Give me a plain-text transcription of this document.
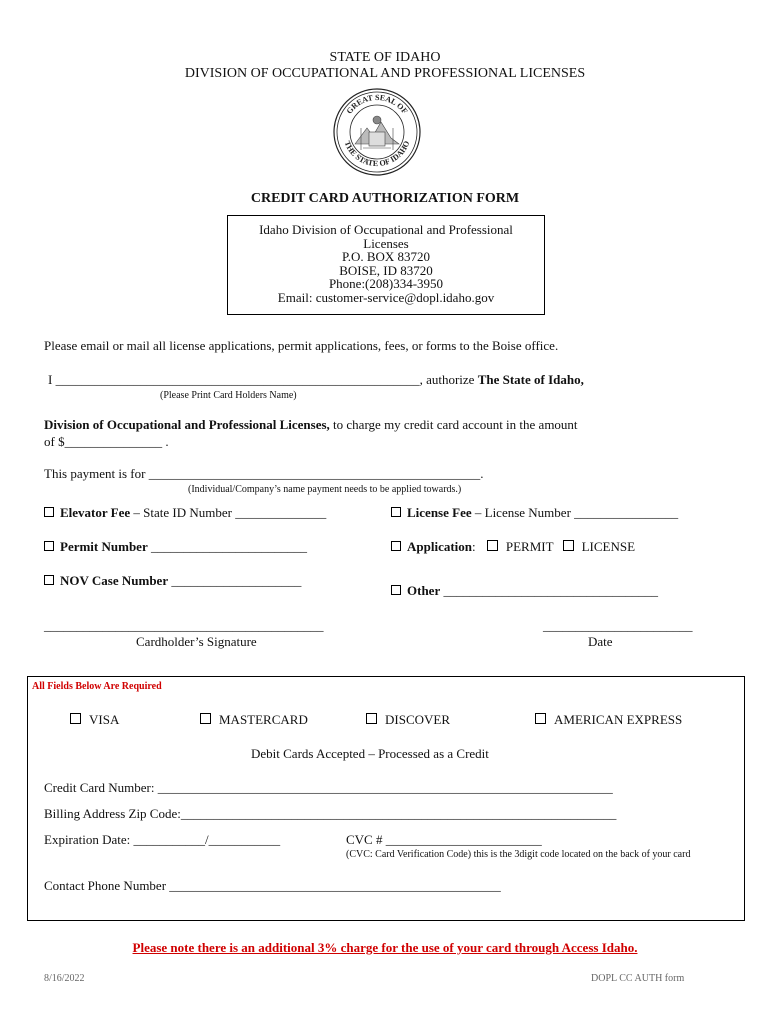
STATE OF IDAHO
DIVISION OF OCCUPATIONAL AND PROFESSIONAL LICENSES
GREAT SEAL OF
THE STATE OF IDAHO
CREDIT CARD AUTHORIZATION FORM
Idaho Division of Occupational and Professional
Licenses
P.O. BOX 83720
BOISE, ID 83720
Phone:(208)334-3950
Email: customer-service@dopl.idaho.gov
Please email or mail all license applications, permit applications, fees, or forms to the Boise office.
I ________________________________________________________, authorize The State of Idaho,
(Please Print Card Holders Name)
Division of Occupational and Professional Licenses, to charge my credit card account in the amount
of $_______________ .
This payment is for ___________________________________________________.
(Individual/Company’s name payment needs to be applied towards.)
Elevator Fee – State ID Number ______________	License Fee – License Number ________________
Permit Number ________________________	Application: PERMIT LICENSE
NOV Case Number ____________________
Other _________________________________
___________________________________________
Cardholder’s Signature
_______________________
Date
All Fields Below Are Required
VISA	MASTERCARD	DISCOVER	AMERICAN EXPRESS
Debit Cards Accepted – Processed as a Credit
Credit Card Number: ______________________________________________________________________
Billing Address Zip Code:___________________________________________________________________
Expiration Date: ___________/___________	CVC # ________________________
(CVC: Card Verification Code) this is the 3digit code located on the back of your card
Contact Phone Number ___________________________________________________
Please note there is an additional 3% charge for the use of your card through Access Idaho.
8/16/2022	DOPL CC AUTH form
